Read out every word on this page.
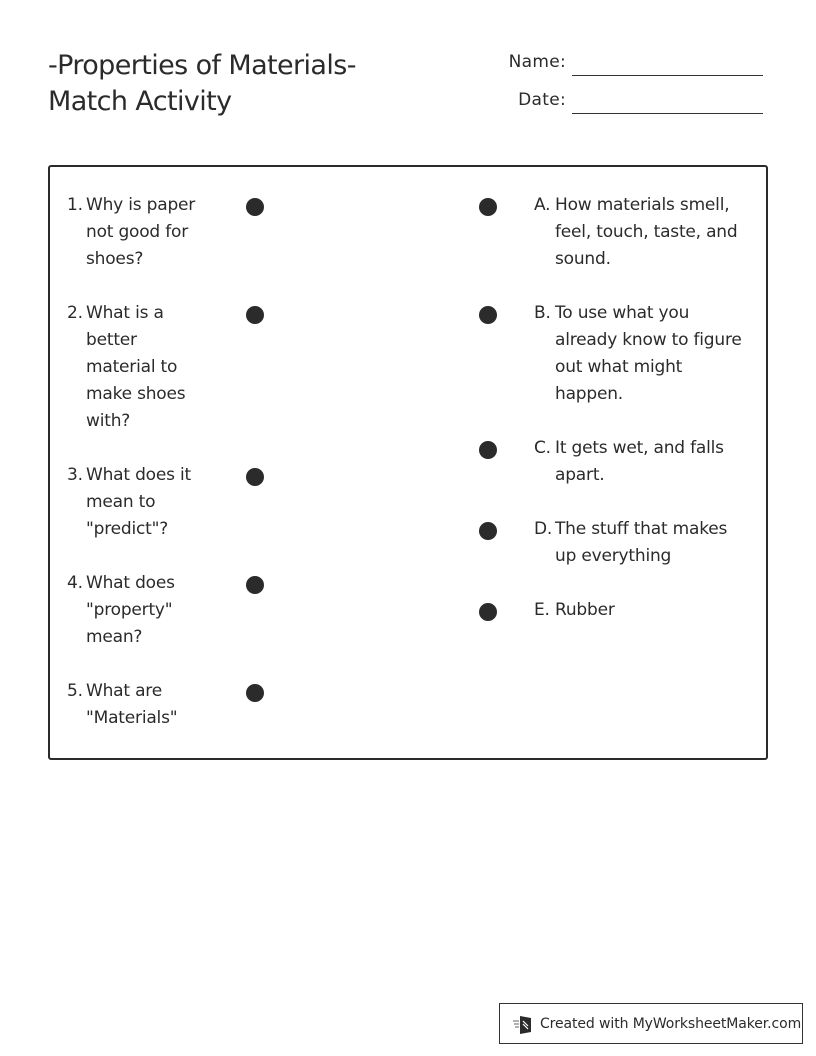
-Properties of Materials-
Match Activity
Name:
Date:
1. Why is paper
not good for
shoes?
2. What is a
better
material to
make shoes
with?
3. What does it
mean to
"predict"?
4. What does
"property"
mean?
5. What are
"Materials"
A. How materials smell,
feel, touch, taste, and
sound.
B. To use what you
already know to figure
out what might
happen.
C. It gets wet, and falls
apart.
D. The stuff that makes
up everything
E. Rubber
Created with MyWorksheetMaker.com
